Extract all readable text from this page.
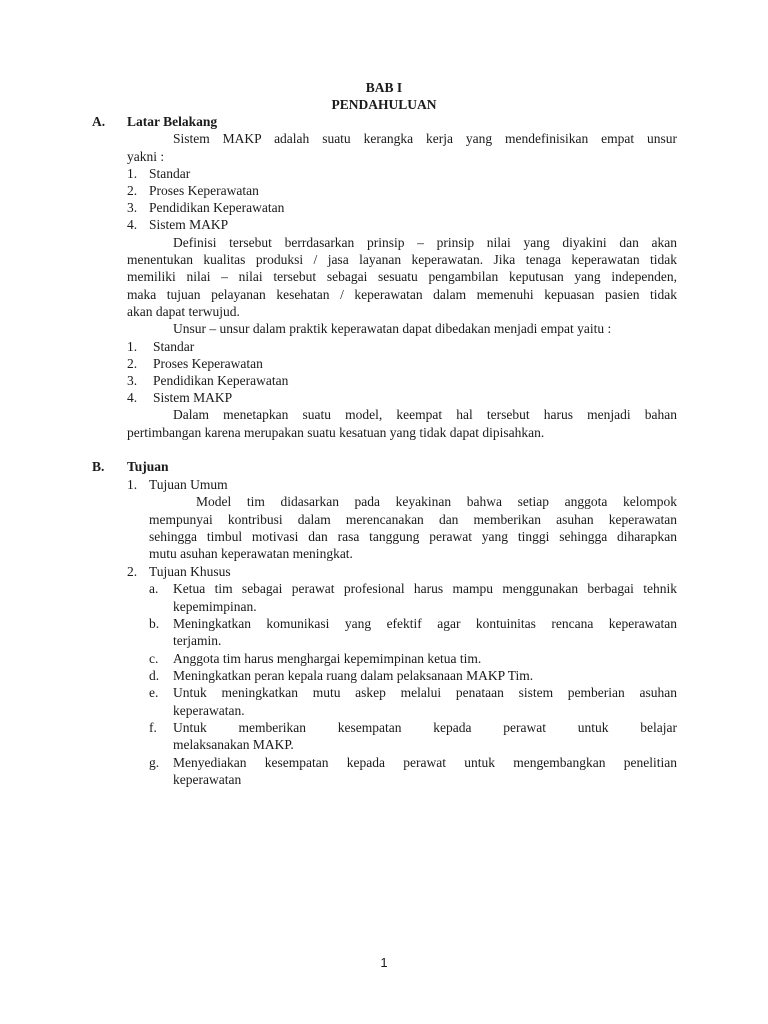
BAB I
PENDAHULUAN
A. Latar Belakang
Sistem MAKP adalah suatu kerangka kerja yang mendefinisikan empat unsur
yakni :
1. Standar
2. Proses Keperawatan
3. Pendidikan Keperawatan
4. Sistem MAKP
Definisi tersebut berrdasarkan prinsip – prinsip nilai yang diyakini dan akan
menentukan kualitas produksi / jasa layanan keperawatan. Jika tenaga keperawatan tidak
memiliki nilai – nilai tersebut sebagai sesuatu pengambilan keputusan yang independen,
maka tujuan pelayanan kesehatan / keperawatan dalam memenuhi kepuasan pasien tidak
akan dapat terwujud.
Unsur – unsur dalam praktik keperawatan dapat dibedakan menjadi empat yaitu :
1. Standar
2. Proses Keperawatan
3. Pendidikan Keperawatan
4. Sistem MAKP
Dalam menetapkan suatu model, keempat hal tersebut harus menjadi bahan
pertimbangan karena merupakan suatu kesatuan yang tidak dapat dipisahkan.
B. Tujuan
1. Tujuan Umum
Model tim didasarkan pada keyakinan bahwa setiap anggota kelompok
mempunyai kontribusi dalam merencanakan dan memberikan asuhan keperawatan
sehingga timbul motivasi dan rasa tanggung perawat yang tinggi sehingga diharapkan
mutu asuhan keperawatan meningkat.
2. Tujuan Khusus
a. Ketua tim sebagai perawat profesional harus mampu menggunakan berbagai tehnik
kepemimpinan.
b. Meningkatkan komunikasi yang efektif agar kontuinitas rencana keperawatan
terjamin.
c. Anggota tim harus menghargai kepemimpinan ketua tim.
d. Meningkatkan peran kepala ruang dalam pelaksanaan MAKP Tim.
e. Untuk meningkatkan mutu askep melalui penataan sistem pemberian asuhan
keperawatan.
f. Untuk memberikan kesempatan kepada perawat untuk belajar
melaksanakan MAKP.
g. Menyediakan kesempatan kepada perawat untuk mengembangkan penelitian
keperawatan
1
